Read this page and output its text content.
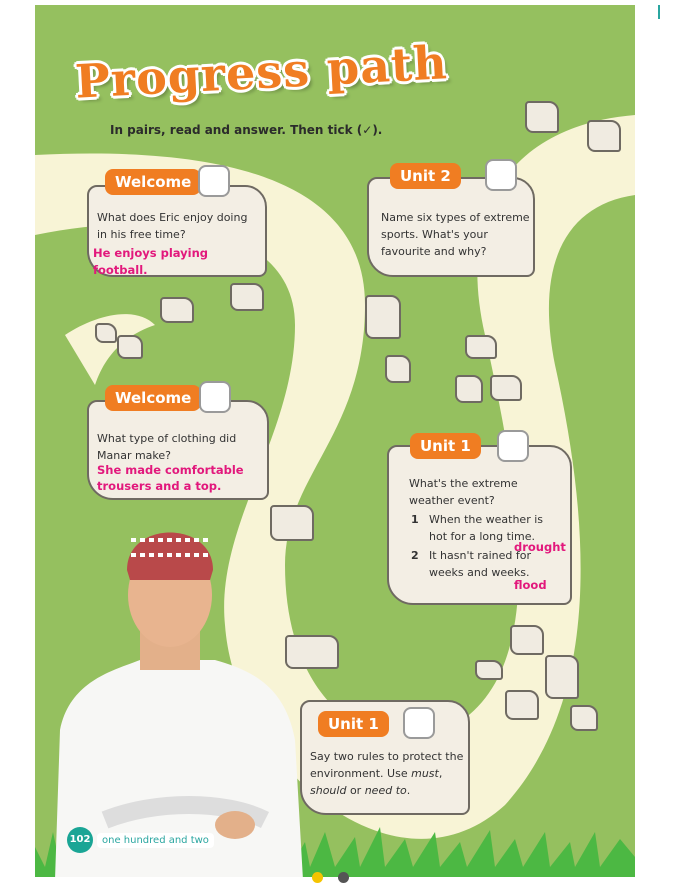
Progress path
In pairs, read and answer. Then tick (✓).
What does Eric enjoy doing in his free time?
He enjoys playing football.
Welcome
Name six types of extreme sports. What's your favourite and why?
Unit 2
What type of clothing did Manar make?
She made comfortable trousers and a top.
Welcome
What's the extreme weather event?
1 When the weather is hot for a long time.
drought
2 It hasn't rained for weeks and weeks.
flood
Unit 1
Say two rules to protect the environment. Use must, should or need to.
Unit 1
102	one hundred and two
